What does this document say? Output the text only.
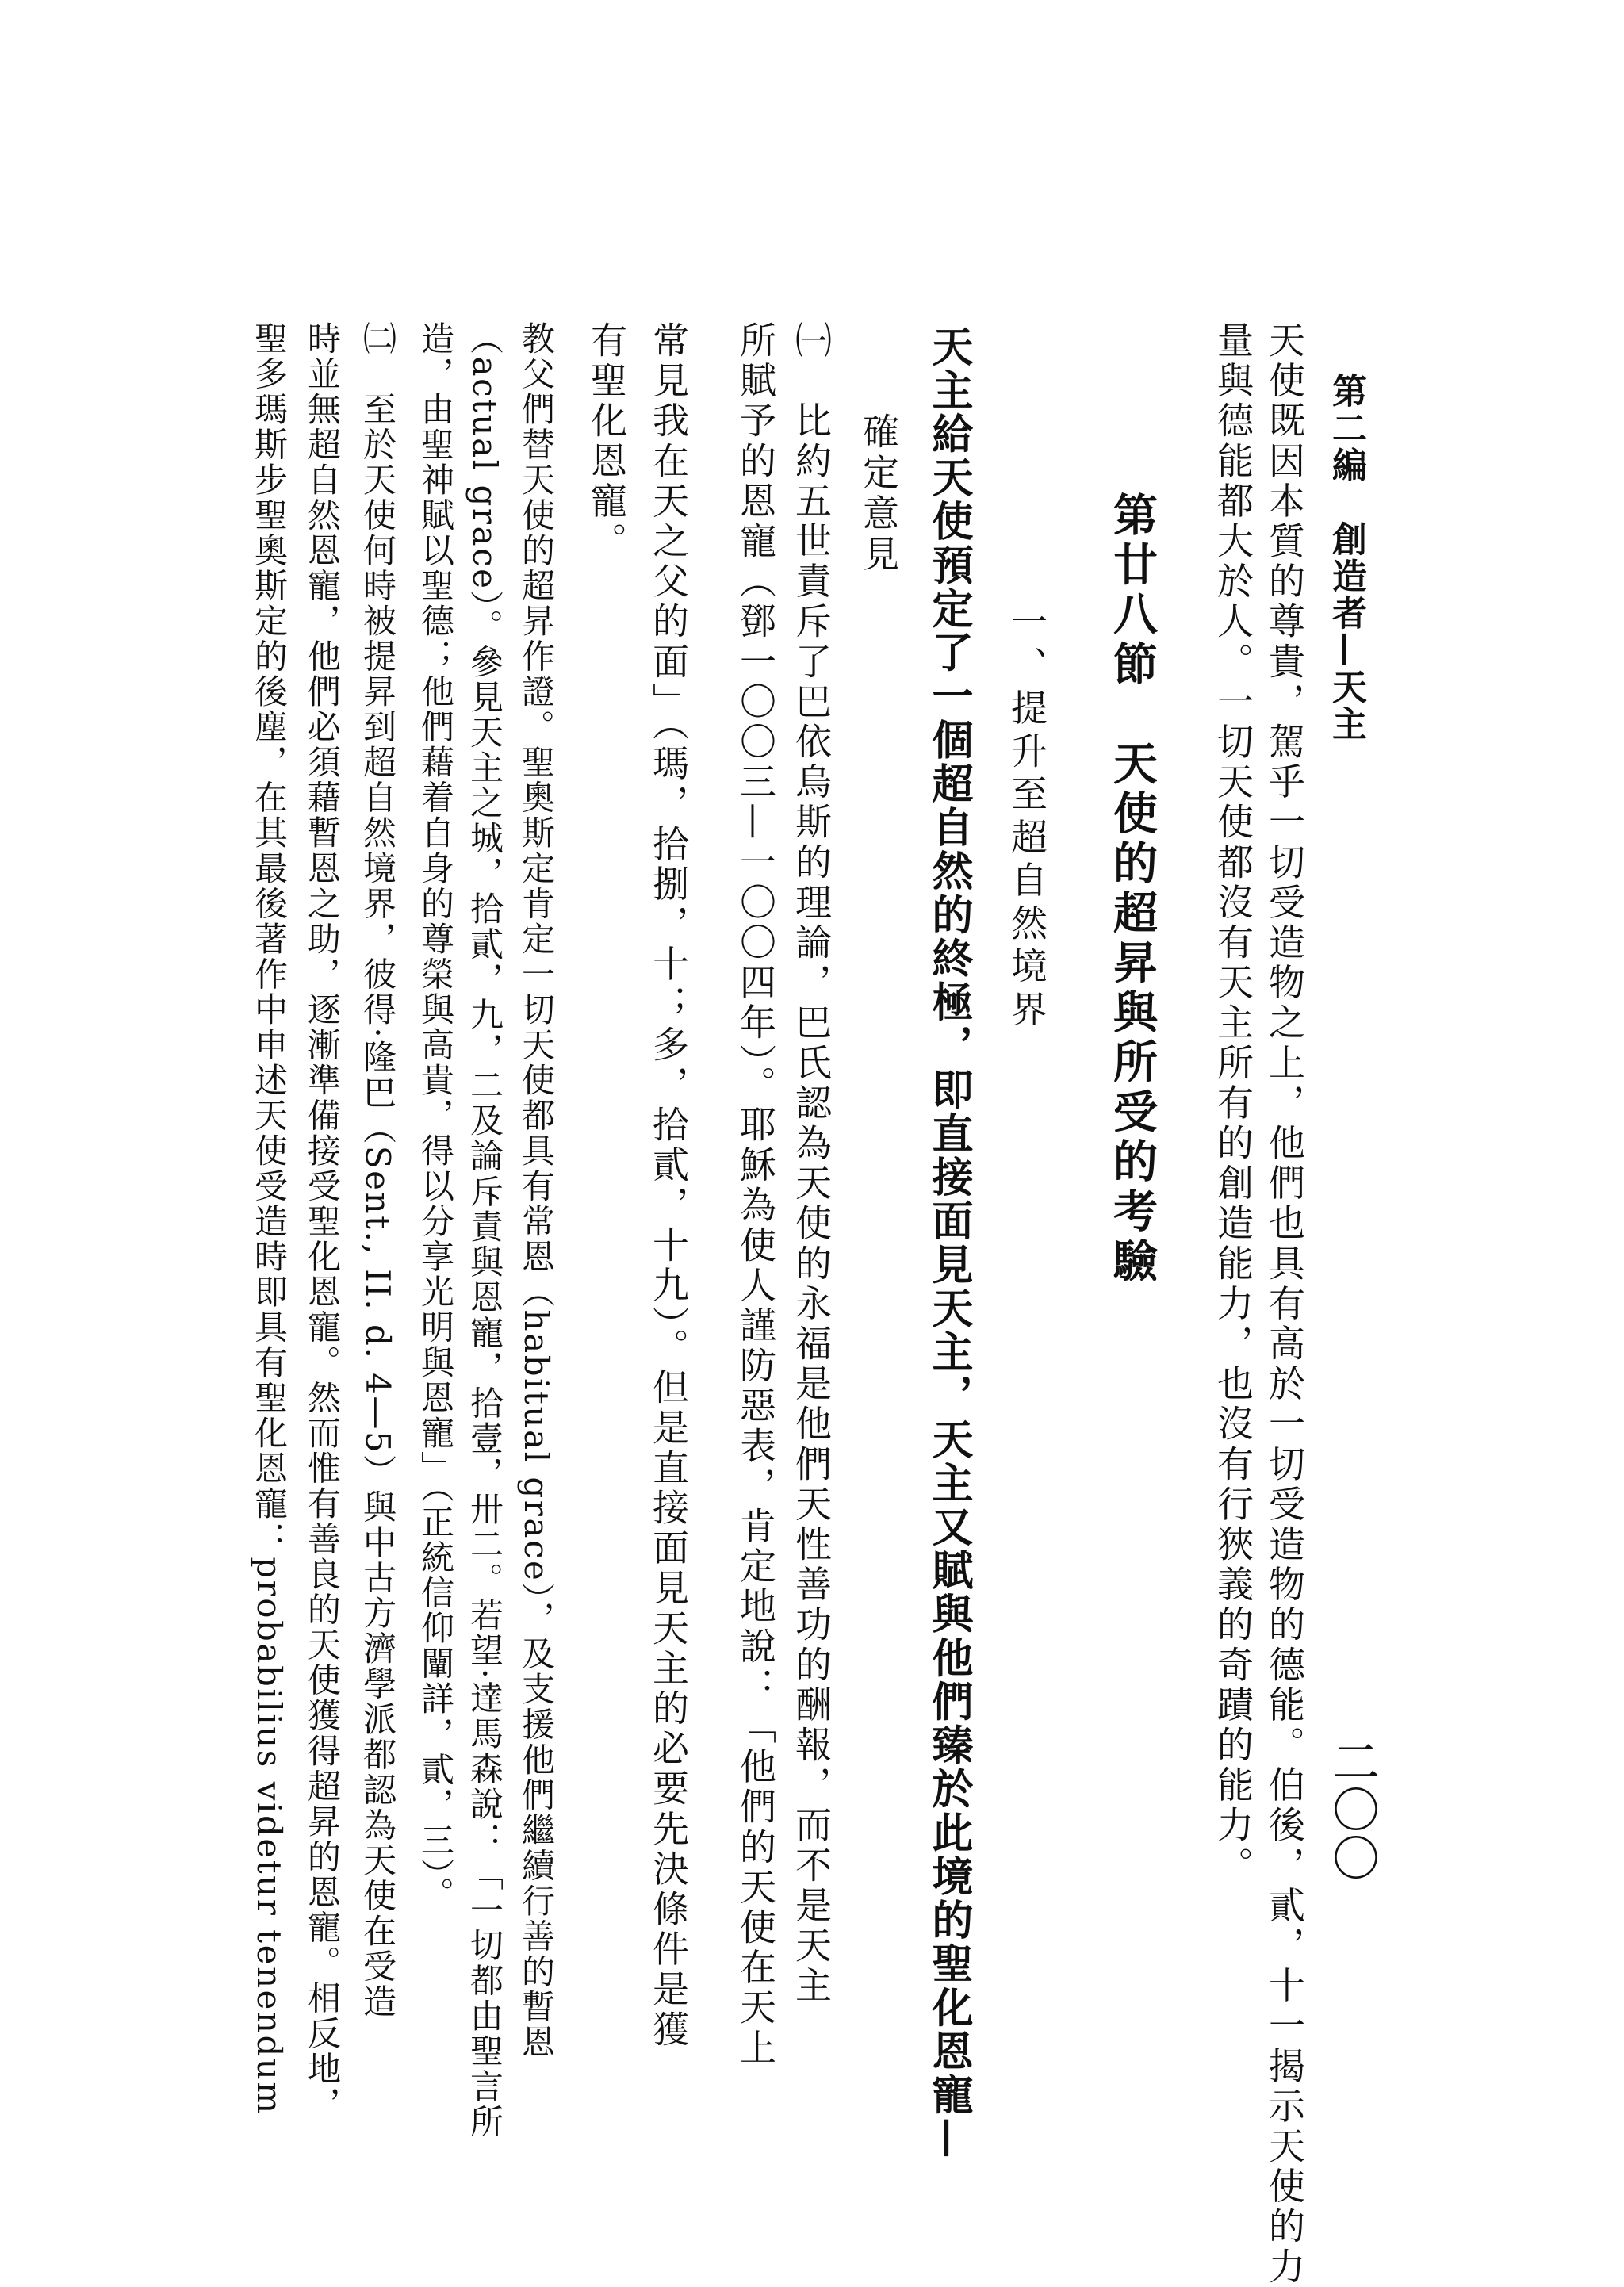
第二編　創造者—天主
二〇〇
天使既因本質的尊貴，駕乎一切受造物之上，他們也具有高於一切受造物的德能。伯後，貳，十一揭示天使的力
量與德能都大於人。一切天使都沒有天主所有的創造能力，也沒有行狹義的奇蹟的能力。
第廿八節　天使的超昇與所受的考驗
一、提升至超自然境界
天主給天使預定了一個超自然的終極，即直接面見天主，天主又賦與他們臻於此境的聖化恩寵—
確定意見
㈠　比約五世責斥了巴依烏斯的理論，巴氏認為天使的永福是他們天性善功的酬報，而不是天主
所賦予的恩寵（鄧一〇〇三—一〇〇四年）。耶穌為使人謹防惡表，肯定地說：「他們的天使在天上
常見我在天之父的面」（瑪，拾捌，十；多，拾貳，十九）。但是直接面見天主的必要先決條件是獲
有聖化恩寵。
教父們替天使的超昇作證。聖奧斯定肯定一切天使都具有常恩（habitual grace），及支援他們繼續行善的暫恩
（actual grace）。參見天主之城，拾貳，九，二及論斥責與恩寵，拾壹，卅二。若望·達馬森說：「一切都由聖言所
造，由聖神賦以聖德；他們藉着自身的尊榮與高貴，得以分享光明與恩寵」（正統信仰闡詳，貳，三）。
㈡　至於天使何時被提昇到超自然境界，彼得·隆巴（Sent., II. d. 4—5）與中古方濟學派都認為天使在受造
時並無超自然恩寵，他們必須藉暫恩之助，逐漸準備接受聖化恩寵。然而惟有善良的天使獲得超昇的恩寵。相反地，
聖多瑪斯步聖奧斯定的後塵，在其最後著作中申述天使受造時即具有聖化恩寵：probabilius videtur tenendum
